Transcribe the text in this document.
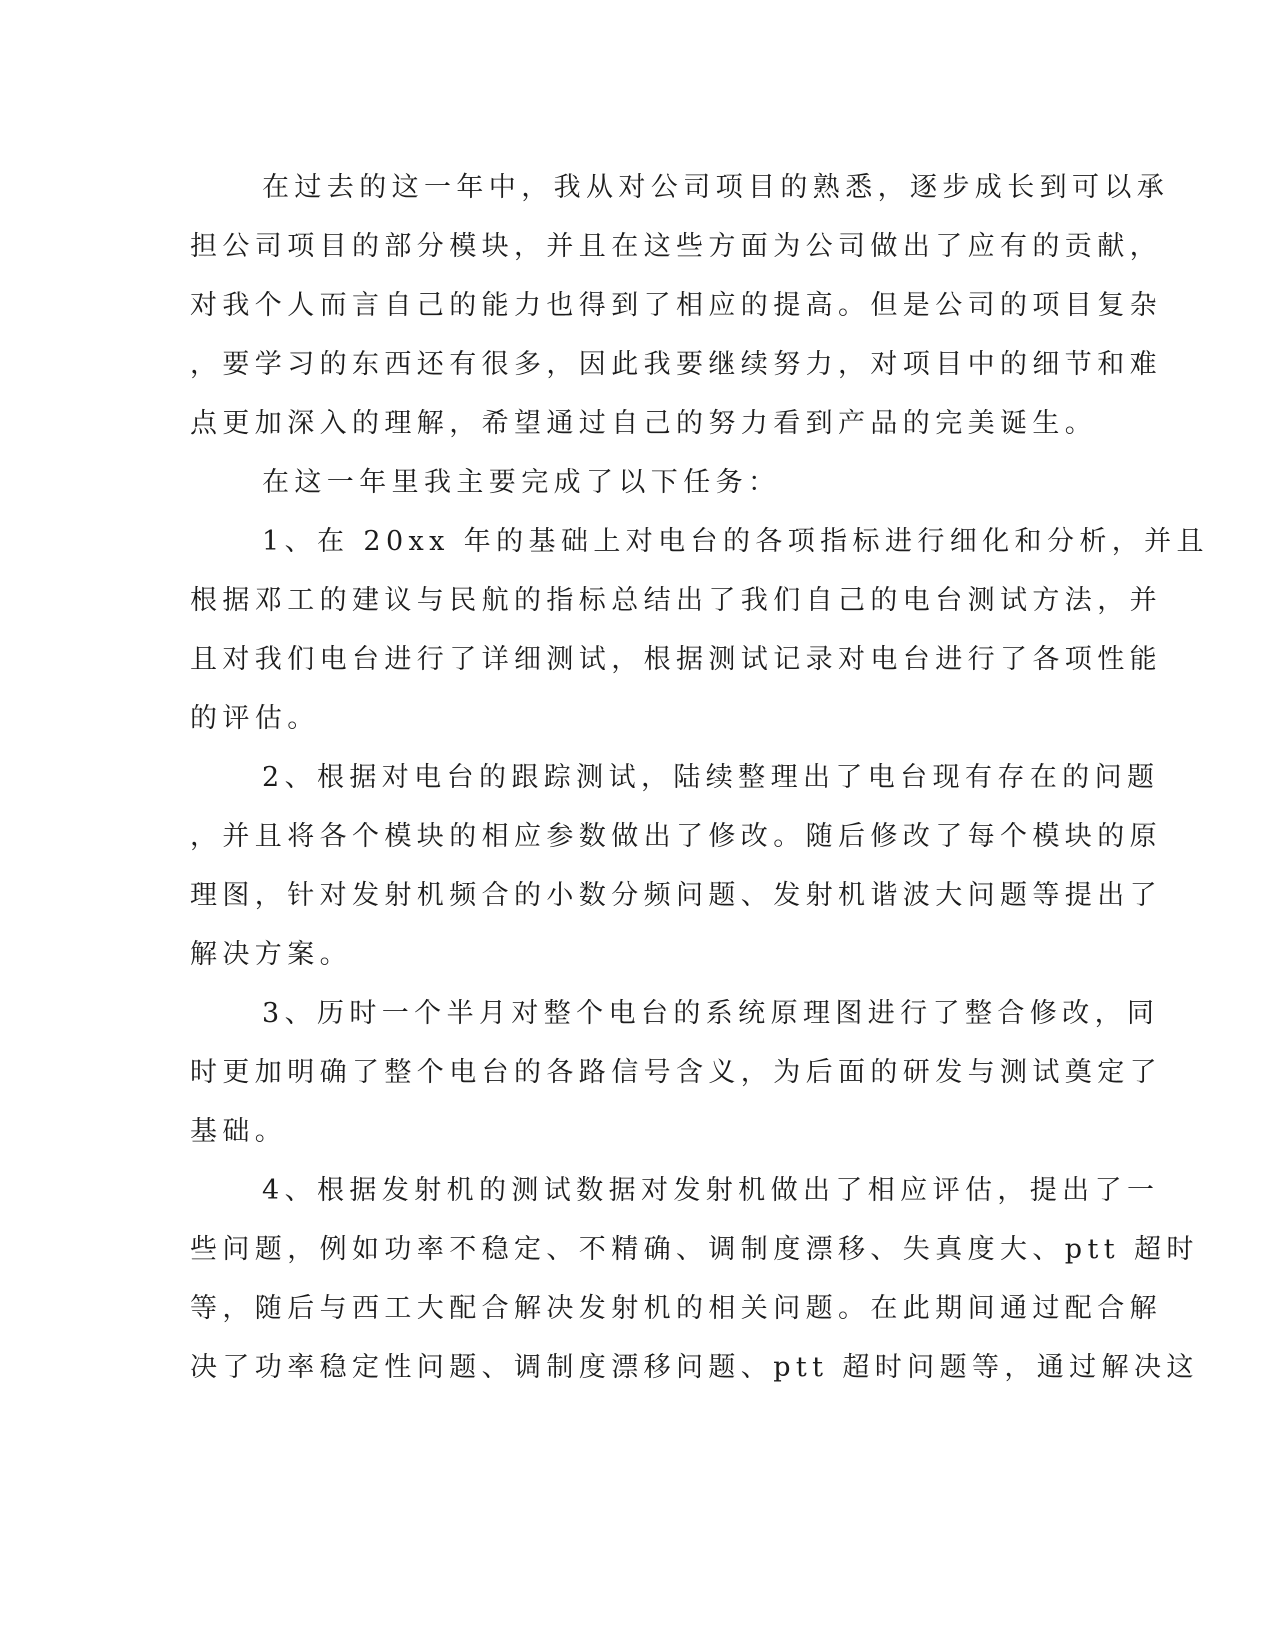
在过去的这一年中，我从对公司项目的熟悉，逐步成长到可以承
担公司项目的部分模块，并且在这些方面为公司做出了应有的贡献，
对我个人而言自己的能力也得到了相应的提高。但是公司的项目复杂
，要学习的东西还有很多，因此我要继续努力，对项目中的细节和难
点更加深入的理解，希望通过自己的努力看到产品的完美诞生。
在这一年里我主要完成了以下任务：
1、在 20xx 年的基础上对电台的各项指标进行细化和分析，并且
根据邓工的建议与民航的指标总结出了我们自己的电台测试方法，并
且对我们电台进行了详细测试，根据测试记录对电台进行了各项性能
的评估。
2、根据对电台的跟踪测试，陆续整理出了电台现有存在的问题
，并且将各个模块的相应参数做出了修改。随后修改了每个模块的原
理图，针对发射机频合的小数分频问题、发射机谐波大问题等提出了
解决方案。
3、历时一个半月对整个电台的系统原理图进行了整合修改，同
时更加明确了整个电台的各路信号含义，为后面的研发与测试奠定了
基础。
4、根据发射机的测试数据对发射机做出了相应评估，提出了一
些问题，例如功率不稳定、不精确、调制度漂移、失真度大、ptt 超时
等，随后与西工大配合解决发射机的相关问题。在此期间通过配合解
决了功率稳定性问题、调制度漂移问题、ptt 超时问题等，通过解决这
